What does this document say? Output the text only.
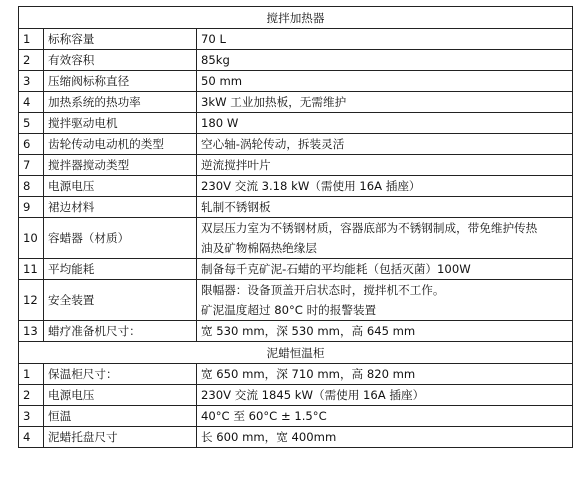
搅拌加热器		
1	标称容量	70 L

2	有效容积	85kg

3	压缩阀标称直径	50 mm

4	加热系统的热功率	3kW 工业加热板，无需维护

5	搅拌驱动电机	180 W

6	齿轮传动电动机的类型	空心轴-涡轮传动，拆装灵活

7	搅拌器搅动类型	逆流搅拌叶片

8	电源电压	230V 交流 3.18 kW（需使用 16A 插座）

9	裙边材料	轧制不锈钢板

10	容蜡器（材质）	双层压力室为不锈钢材质，容器底部为不锈钢制成，带免维护传热
油及矿物棉隔热绝缘层

11	平均能耗	制备每千克矿泥-石蜡的平均能耗（包括灭菌）100W

12	安全装置	限幅器：设备顶盖开启状态时，搅拌机不工作。
矿泥温度超过 80°C 时的报警装置

13	蜡疗准备机尺寸：	宽 530 mm，深 530 mm，高 645 mm

泥蜡恒温柜		
1	保温柜尺寸：	宽 650 mm，深 710 mm，高 820 mm

2	电源电压	230V 交流 1845 kW（需使用 16A 插座）

3	恒温	40°C 至 60°C ± 1.5°C

4	泥蜡托盘尺寸	长 600 mm，宽 400mm
